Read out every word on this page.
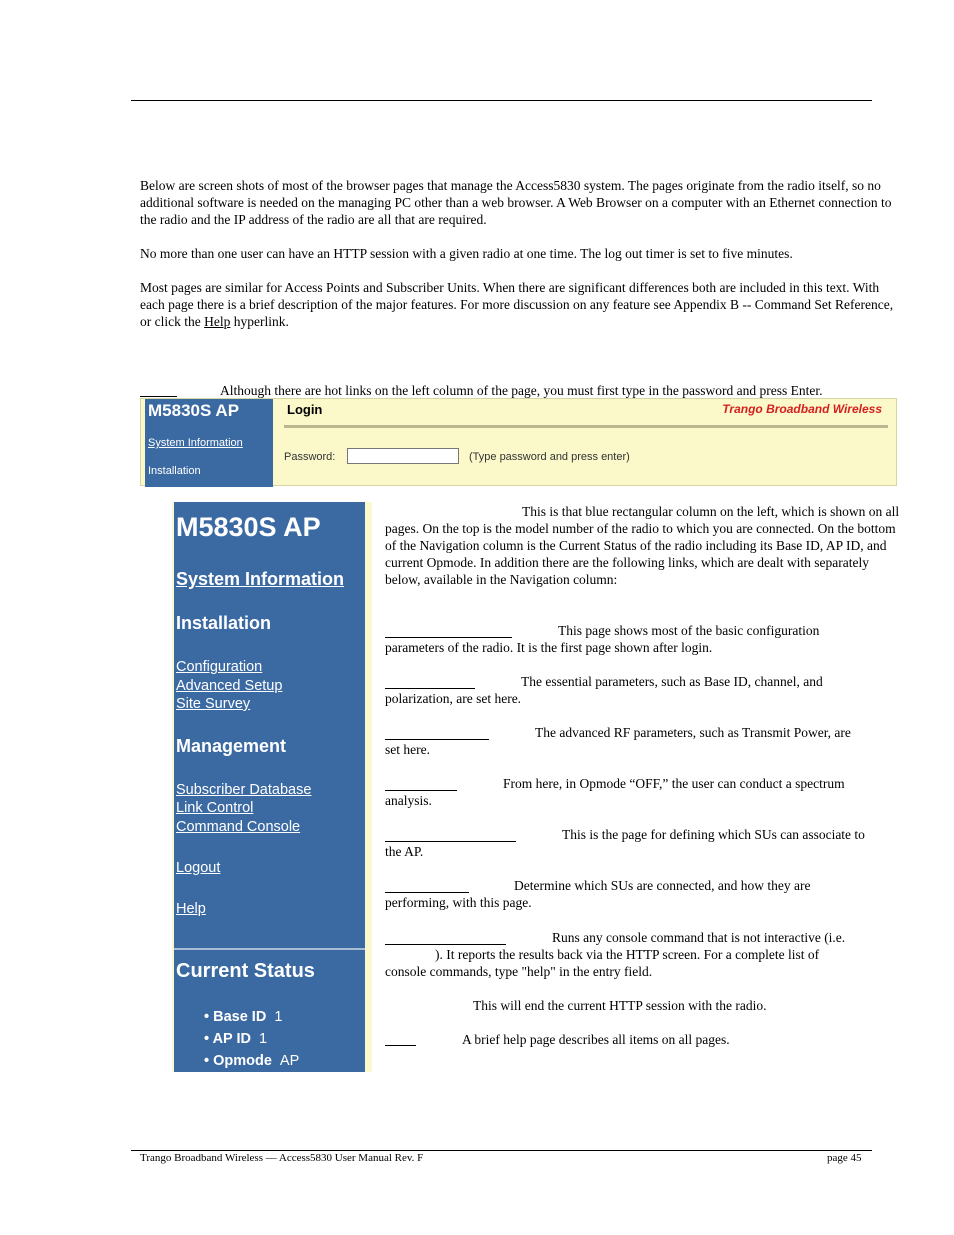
Below are screen shots of most of the browser pages that manage the Access5830 system. The pages originate from the radio itself, so no additional software is needed on the managing PC other than a web browser. A Web Browser on a computer with an Ethernet connection to the radio and the IP address of the radio are all that are required.

No more than one user can have an HTTP session with a given radio at one time. The log out timer is set to five minutes.

Most pages are similar for Access Points and Subscriber Units. When there are significant differences both are included in this text. With each page there is a brief description of the major features. For more discussion on any feature see Appendix B -- Command Set Reference, or click the Help hyperlink.

Although there are hot links on the left column of the page, you must first type in the password and press Enter.

M5830S AP
System Information
Installation
Login	Trango Broadband Wireless
Password:	(Type password and press enter)
M5830S AP
System Information
Installation
Configuration
Advanced Setup
Site Survey
Management
Subscriber Database
Link Control
Command Console
Logout
Help
Current Status
• Base ID 1
• AP ID 1
• Opmode AP

This is that blue rectangular column on the left, which is shown on all pages. On the top is the model number of the radio to which you are connected. On the bottom of the Navigation column is the Current Status of the radio including its Base ID, AP ID, and current Opmode. In addition there are the following links, which are dealt with separately below, available in the Navigation column:

This page shows most of the basic configuration

parameters of the radio. It is the first page shown after login.

The essential parameters, such as Base ID, channel, and

polarization, are set here.

The advanced RF parameters, such as Transmit Power, are

set here.

From here, in Opmode “OFF,” the user can conduct a spectrum

analysis.

This is the page for defining which SUs can associate to

the AP.

Determine which SUs are connected, and how they are

performing, with this page.

Runs any console command that is not interactive (i.e.

). It reports the results back via the HTTP screen. For a complete list of

console commands, type "help" in the entry field.

This will end the current HTTP session with the radio.

A brief help page describes all items on all pages.

Trango Broadband Wireless — Access5830 User Manual Rev. F	page 45
